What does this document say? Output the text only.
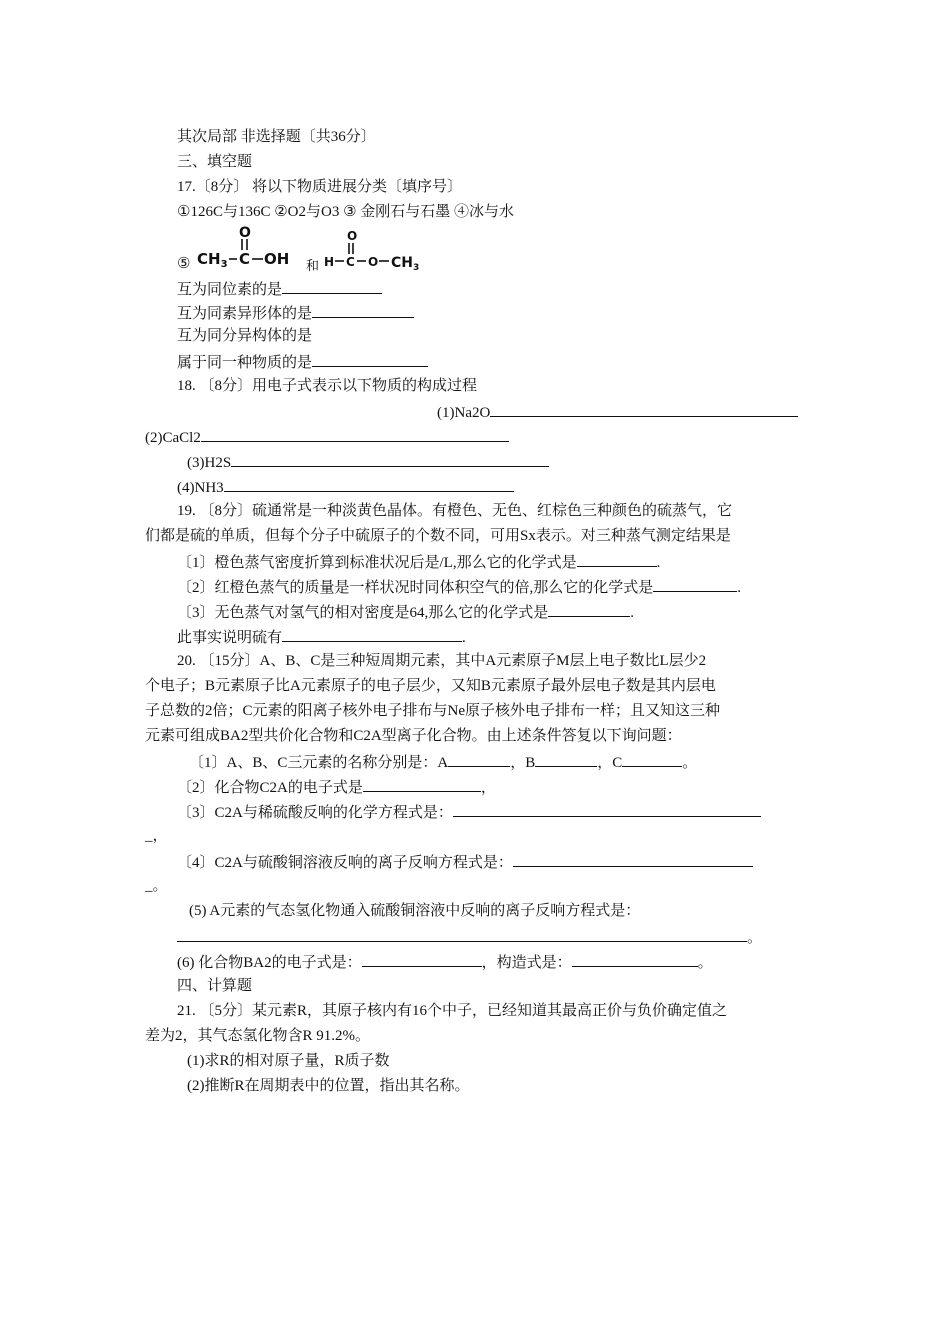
其次局部 非选择题〔共36分〕
三、填空题
17.〔8分〕 将以下物质进展分类〔填序号〕
①126C与136C ②O2与O3 ③ 金刚石与石墨 ④冰与水
⑤ $CH_3$ C
O
OH 和 H C
O
O $CH_3$
互为同位素的是
互为同素异形体的是
互为同分异构体的是
属于同一种物质的是
18. 〔8分〕用电子式表示以下物质的构成过程
(1)Na2O
(2)CaCl2
(3)H2S
(4)NH3
19. 〔8分〕硫通常是一种淡黄色晶体。有橙色、无色、红棕色三种颜色的硫蒸气，它
们都是硫的单质，但每个分子中硫原子的个数不同，可用Sx表示。对三种蒸气测定结果是
〔1〕橙色蒸气密度折算到标准状况后是/L,那么它的化学式是	.
〔2〕红橙色蒸气的质量是一样状况时同体积空气的倍,那么它的化学式是	.
〔3〕无色蒸气对氢气的相对密度是64,那么它的化学式是	.
此事实说明硫有	.
20. 〔15分〕A、B、C是三种短周期元素，其中A元素原子M层上电子数比L层少2
个电子；B元素原子比A元素原子的电子层少，又知B元素原子最外层电子数是其内层电
子总数的2倍；C元素的阳离子核外电子排布与Ne原子核外电子排布一样；且又知这三种
元素可组成BA2型共价化合物和C2A型离子化合物。由上述条件答复以下询问题：
〔1〕A、B、C三元素的名称分别是：A	，B	，C	。
〔2〕化合物C2A的电子式是	，
〔3〕C2A与稀硫酸反响的化学方程式是：
_，
〔4〕C2A与硫酸铜溶液反响的离子反响方程式是：
_。
(5) A元素的气态氢化物通入硫酸铜溶液中反响的离子反响方程式是：
。
(6) 化合物BA2的电子式是：	，构造式是：	。
四、计算题
21. 〔5分〕某元素R，其原子核内有16个中子，已经知道其最高正价与负价确定值之
差为2，其气态氢化物含R 91.2%。
(1)求R的相对原子量，R质子数
(2)推断R在周期表中的位置，指出其名称。
